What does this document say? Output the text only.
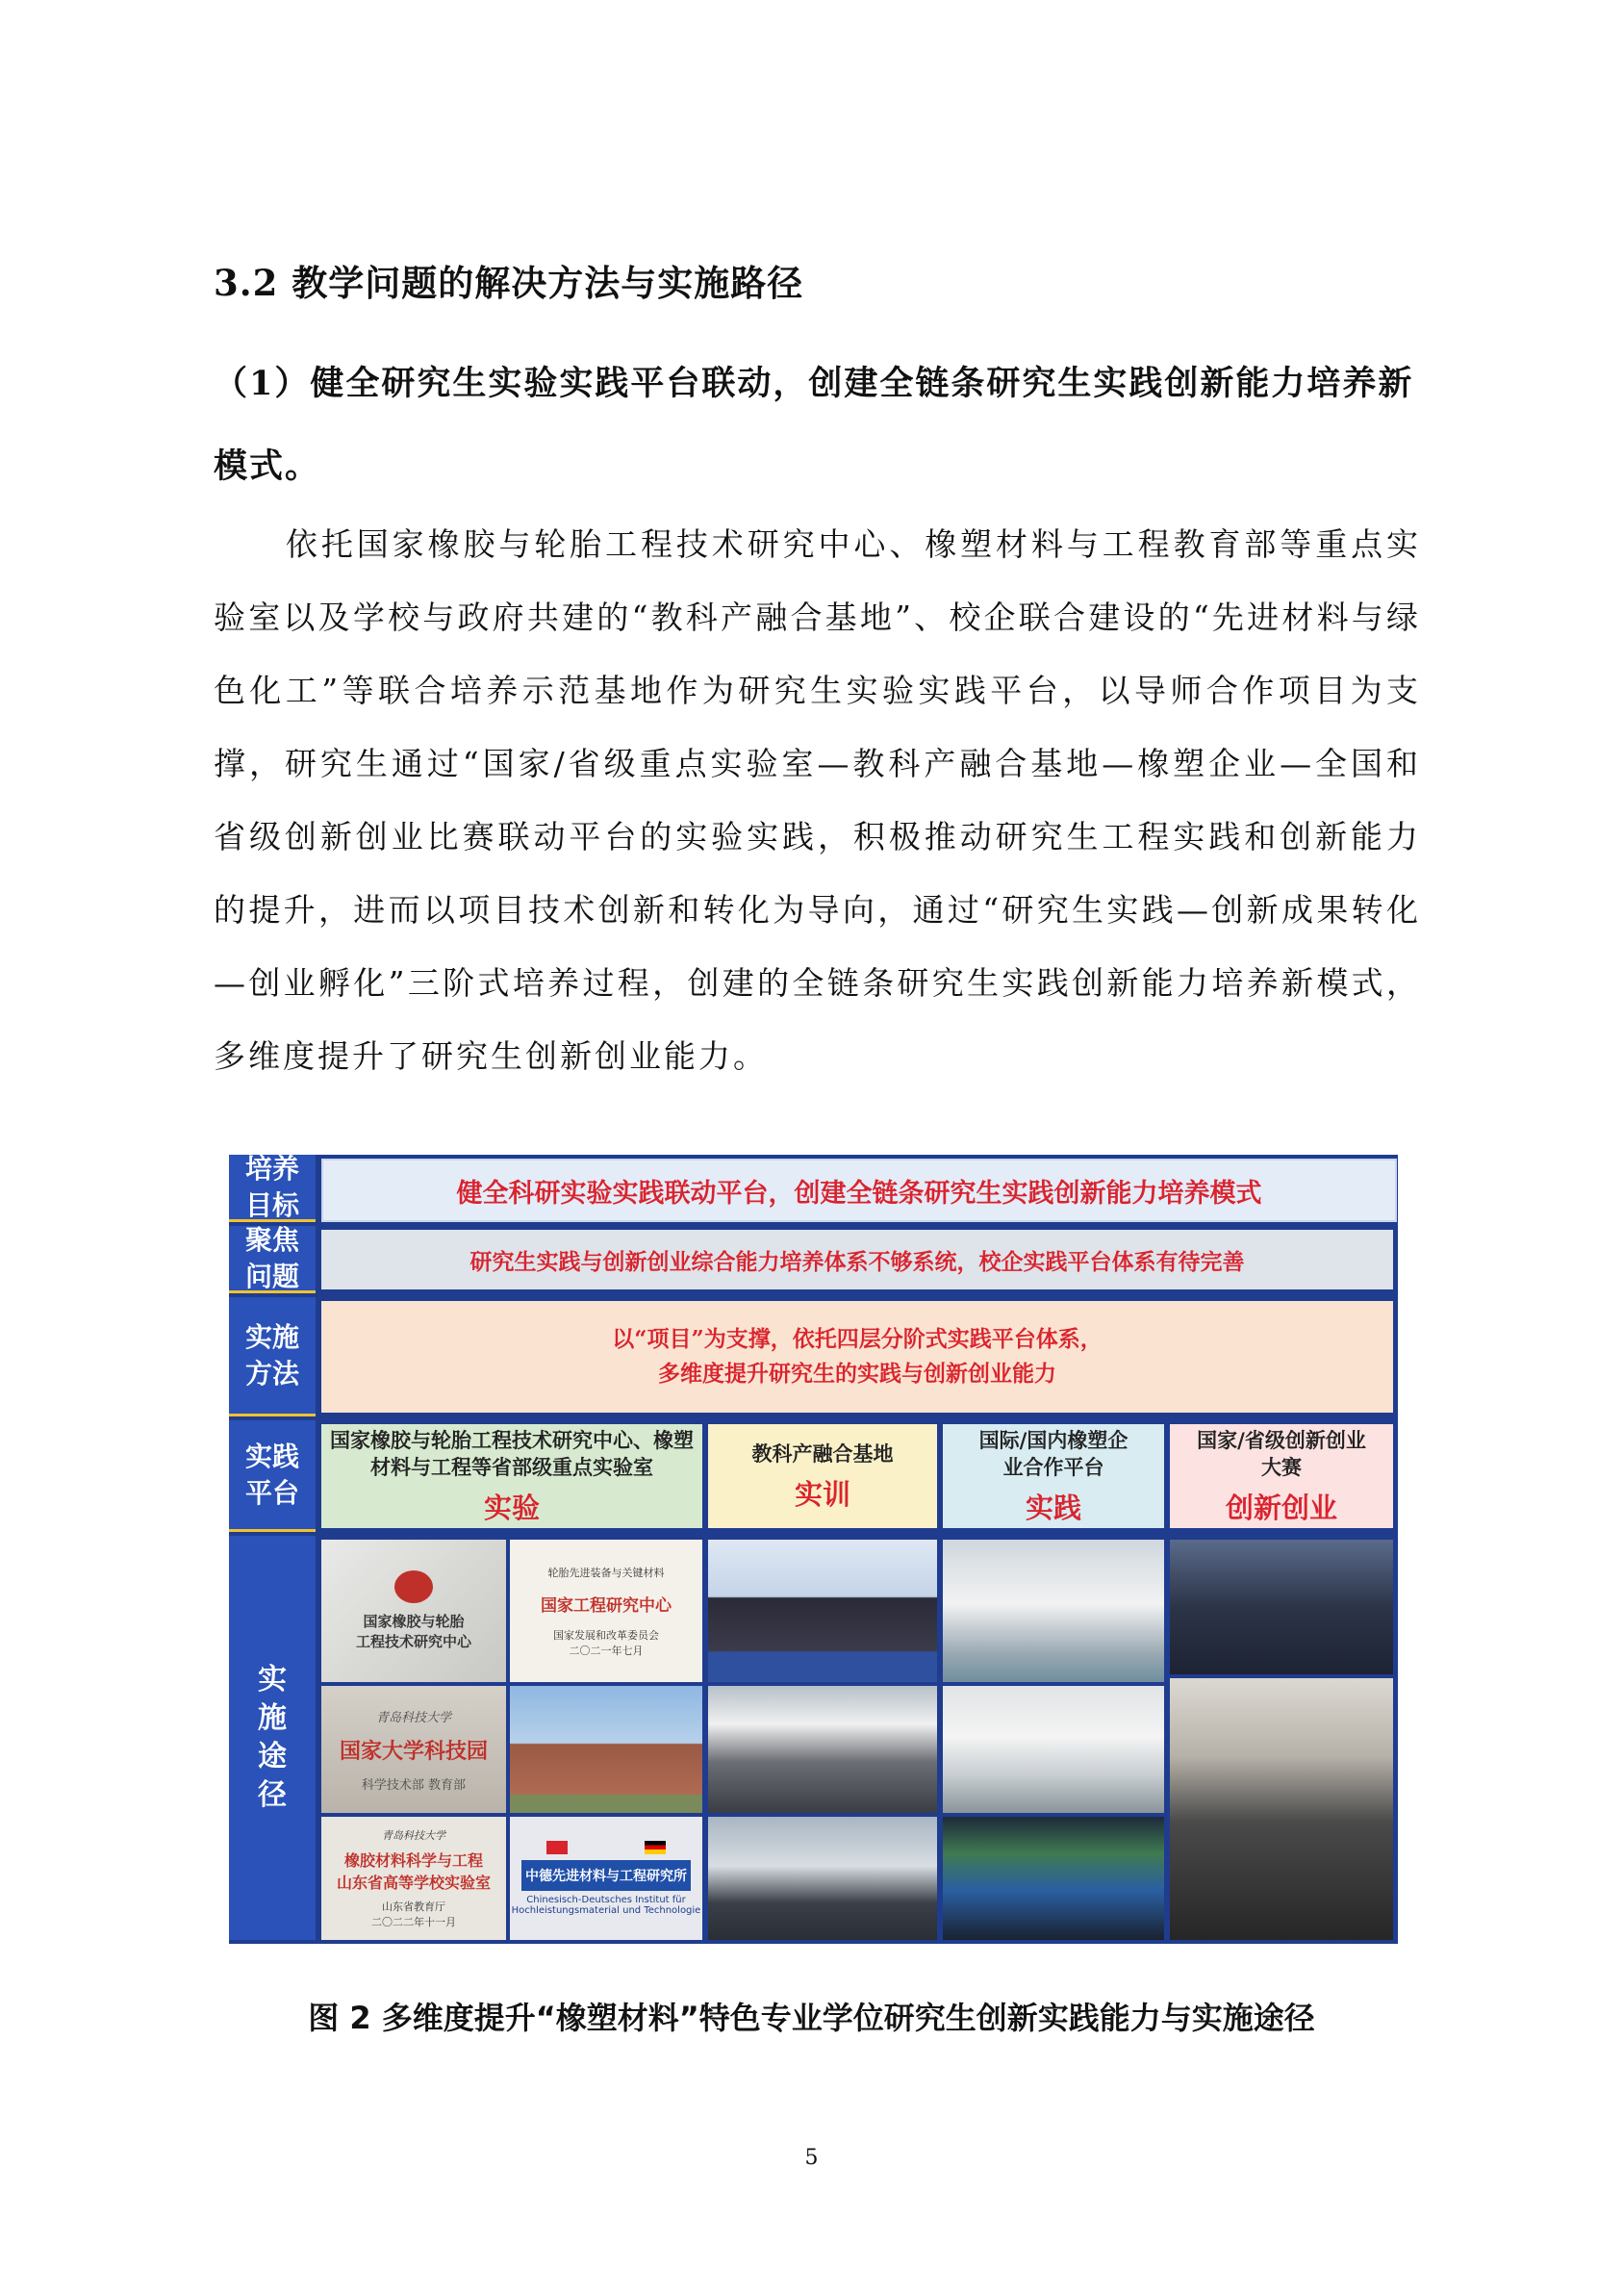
3.2 教学问题的解决方法与实施路径
（1）健全研究生实验实践平台联动，创建全链条研究生实践创新能力培养新模式。
依托国家橡胶与轮胎工程技术研究中心、橡塑材料与工程教育部等重点实验室以及学校与政府共建的“教科产融合基地”、校企联合建设的“先进材料与绿色化工”等联合培养示范基地作为研究生实验实践平台，以导师合作项目为支撑，研究生通过“国家/省级重点实验室—教科产融合基地—橡塑企业—全国和省级创新创业比赛联动平台的实验实践，积极推动研究生工程实践和创新能力的提升，进而以项目技术创新和转化为导向，通过“研究生实践—创新成果转化—创业孵化”三阶式培养过程，创建的全链条研究生实践创新能力培养新模式，多维度提升了研究生创新创业能力。
培养目标	健全科研实验实践联动平台，创建全链条研究生实践创新能力培养模式
聚焦问题	研究生实践与创新创业综合能力培养体系不够系统，校企实践平台体系有待完善
实施方法
以“项目”为支撑，依托四层分阶式实践平台体系，
多维度提升研究生的实践与创新创业能力
实践平台
国家橡胶与轮胎工程技术研究中心、橡塑材料与工程等省部级重点实验室
实验
教科产融合基地
实训
国际/国内橡塑企业合作平台
实践
国家/省级创新创业大赛
创新创业
实施途径
国家橡胶与轮胎
工程技术研究中心
轮胎先进装备与关键材料
国家工程研究中心
国家发展和改革委员会
二〇二一年七月
青岛科技大学
国家大学科技园
科学技术部 教育部
青岛科技大学
橡胶材料科学与工程
山东省高等学校实验室
山东省教育厅
二〇二二年十一月
中德先进材料与工程研究所
Chinesisch-Deutsches Institut für
Hochleistungsmaterial und Technologie
图 2 多维度提升“橡塑材料”特色专业学位研究生创新实践能力与实施途径
5
